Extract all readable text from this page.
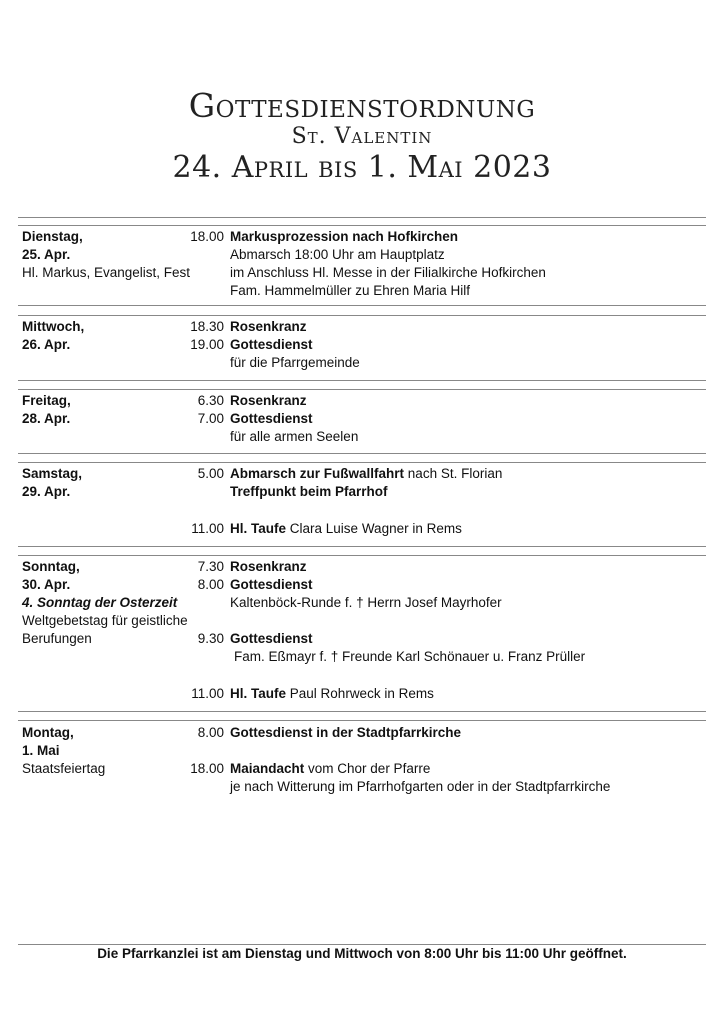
Gottesdienstordnung
St. Valentin
24. April bis 1. Mai 2023
Dienstag,
25. Apr.
Hl. Markus, Evangelist, Fest
18.00 Markusprozession nach Hofkirchen
Abmarsch 18:00 Uhr am Hauptplatz
im Anschluss Hl. Messe in der Filialkirche Hofkirchen
Fam. Hammelmüller zu Ehren Maria Hilf
Mittwoch,
26. Apr.
18.30 Rosenkranz
19.00 Gottesdienst
für die Pfarrgemeinde
Freitag,
28. Apr.
6.30 Rosenkranz
7.00 Gottesdienst
für alle armen Seelen
Samstag,
29. Apr.
5.00 Abmarsch zur Fußwallfahrt nach St. Florian
Treffpunkt beim Pfarrhof
11.00 Hl. Taufe Clara Luise Wagner in Rems
Sonntag,
30. Apr.
4. Sonntag der Osterzeit
Weltgebetstag für geistliche
Berufungen
7.30 Rosenkranz
8.00 Gottesdienst
Kaltenböck-Runde f. † Herrn Josef Mayrhofer
9.30 Gottesdienst
Fam. Eßmayr f. † Freunde Karl Schönauer u. Franz Prüller
11.00 Hl. Taufe Paul Rohrweck in Rems
Montag,
1. Mai
Staatsfeiertag
8.00 Gottesdienst in der Stadtpfarrkirche
18.00 Maiandacht vom Chor der Pfarre
je nach Witterung im Pfarrhofgarten oder in der Stadtpfarrkirche
Die Pfarrkanzlei ist am Dienstag und Mittwoch von 8:00 Uhr bis 11:00 Uhr geöffnet.
